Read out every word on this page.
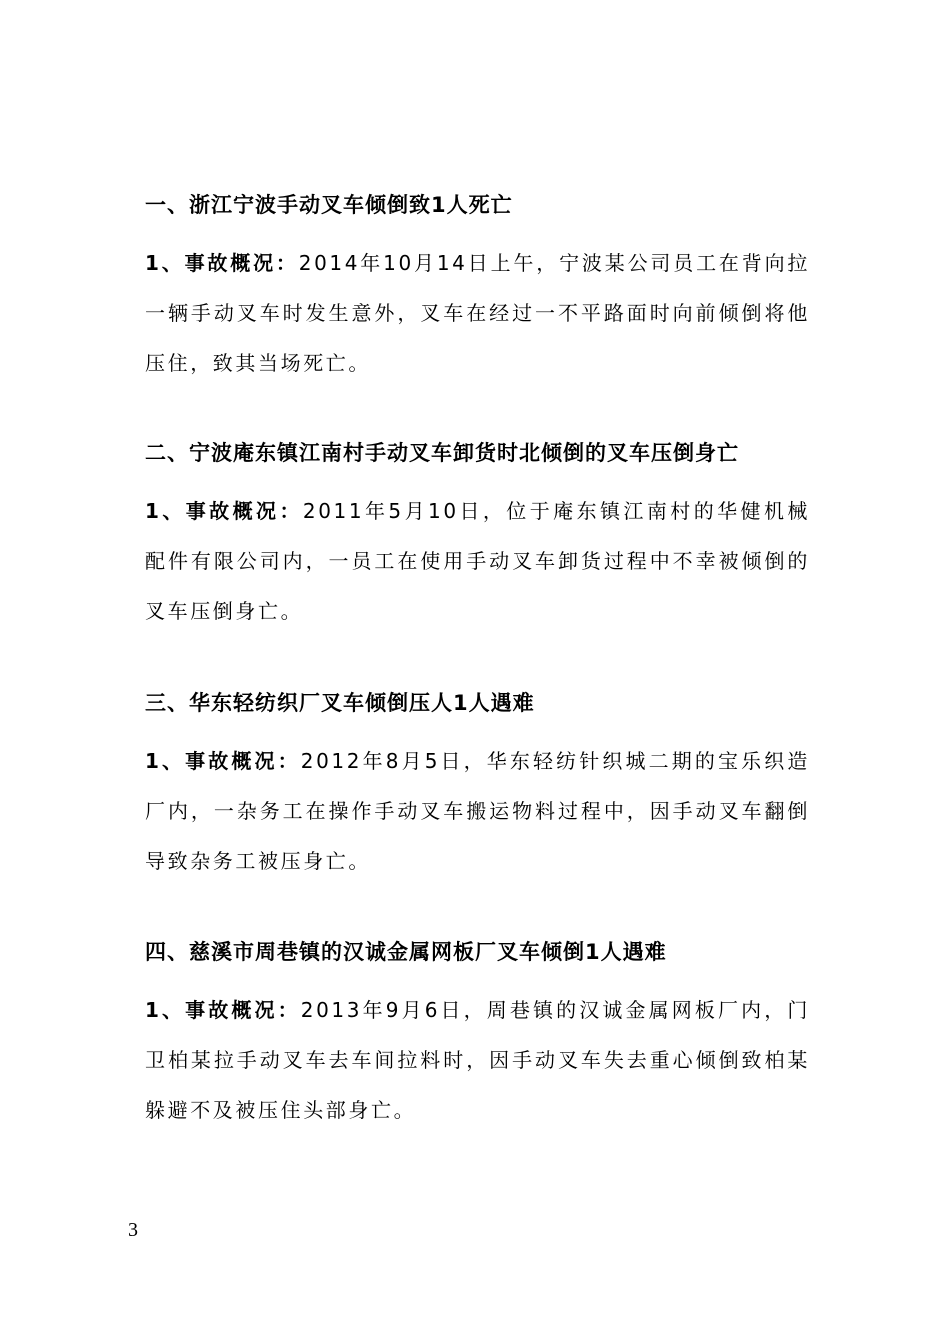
一、浙江宁波手动叉车倾倒致1人死亡

1、事故概况：2014年10月14日上午，宁波某公司员工在背向拉一辆手动叉车时发生意外，叉车在经过一不平路面时向前倾倒将他压住，致其当场死亡。

二、宁波庵东镇江南村手动叉车卸货时北倾倒的叉车压倒身亡

1、事故概况：2011年5月10日，位于庵东镇江南村的华健机械配件有限公司内，一员工在使用手动叉车卸货过程中不幸被倾倒的叉车压倒身亡。

三、华东轻纺织厂叉车倾倒压人1人遇难

1、事故概况：2012年8月5日，华东轻纺针织城二期的宝乐织造厂内，一杂务工在操作手动叉车搬运物料过程中，因手动叉车翻倒导致杂务工被压身亡。

四、慈溪市周巷镇的汉诚金属网板厂叉车倾倒1人遇难

1、事故概况：2013年9月6日，周巷镇的汉诚金属网板厂内，门卫柏某拉手动叉车去车间拉料时，因手动叉车失去重心倾倒致柏某躲避不及被压住头部身亡。

3
